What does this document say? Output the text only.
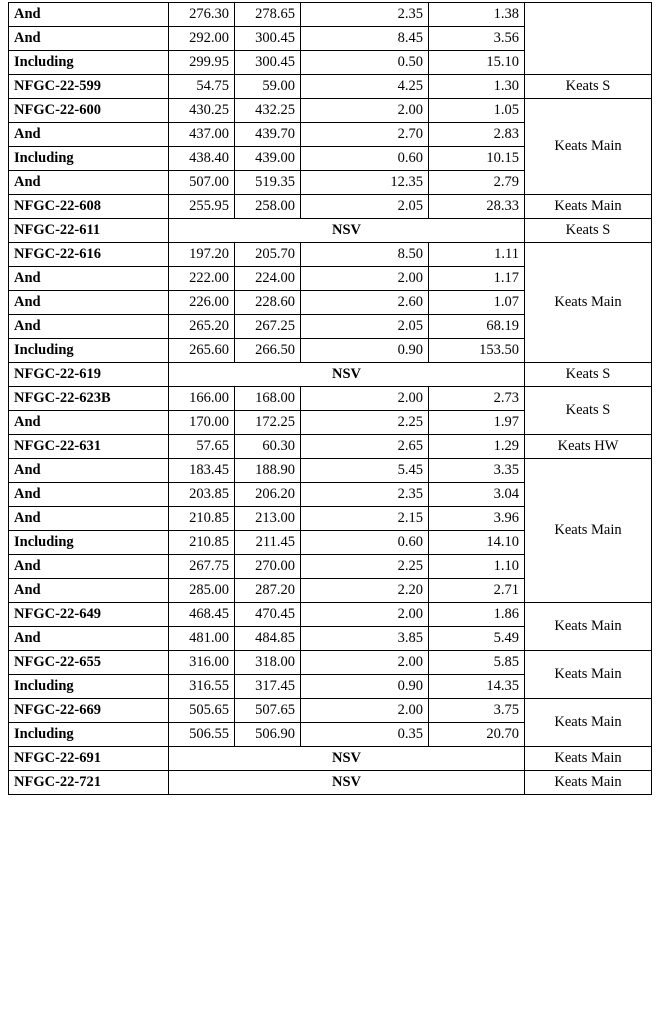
And	276.30	278.65	2.35	1.38	
And	292.00	300.45	8.45	3.56	
Including	299.95	300.45	0.50	15.10	
NFGC-22-599	54.75	59.00	4.25	1.30	Keats S
NFGC-22-600	430.25	432.25	2.00	1.05	Keats Main
And	437.00	439.70	2.70	2.83	
Including	438.40	439.00	0.60	10.15	
And	507.00	519.35	12.35	2.79	
NFGC-22-608	255.95	258.00	2.05	28.33	Keats Main
NFGC-22-611	NSV				Keats S
NFGC-22-616	197.20	205.70	8.50	1.11	Keats Main
And	222.00	224.00	2.00	1.17	
And	226.00	228.60	2.60	1.07	
And	265.20	267.25	2.05	68.19	
Including	265.60	266.50	0.90	153.50	
NFGC-22-619	NSV				Keats S
NFGC-22-623B	166.00	168.00	2.00	2.73	Keats S
And	170.00	172.25	2.25	1.97	
NFGC-22-631	57.65	60.30	2.65	1.29	Keats HW
And	183.45	188.90	5.45	3.35	Keats Main
And	203.85	206.20	2.35	3.04	
And	210.85	213.00	2.15	3.96	
Including	210.85	211.45	0.60	14.10	
And	267.75	270.00	2.25	1.10	
And	285.00	287.20	2.20	2.71	
NFGC-22-649	468.45	470.45	2.00	1.86	Keats Main
And	481.00	484.85	3.85	5.49	
NFGC-22-655	316.00	318.00	2.00	5.85	Keats Main
Including	316.55	317.45	0.90	14.35	
NFGC-22-669	505.65	507.65	2.00	3.75	Keats Main
Including	506.55	506.90	0.35	20.70	
NFGC-22-691	NSV				Keats Main
NFGC-22-721	NSV				Keats Main
